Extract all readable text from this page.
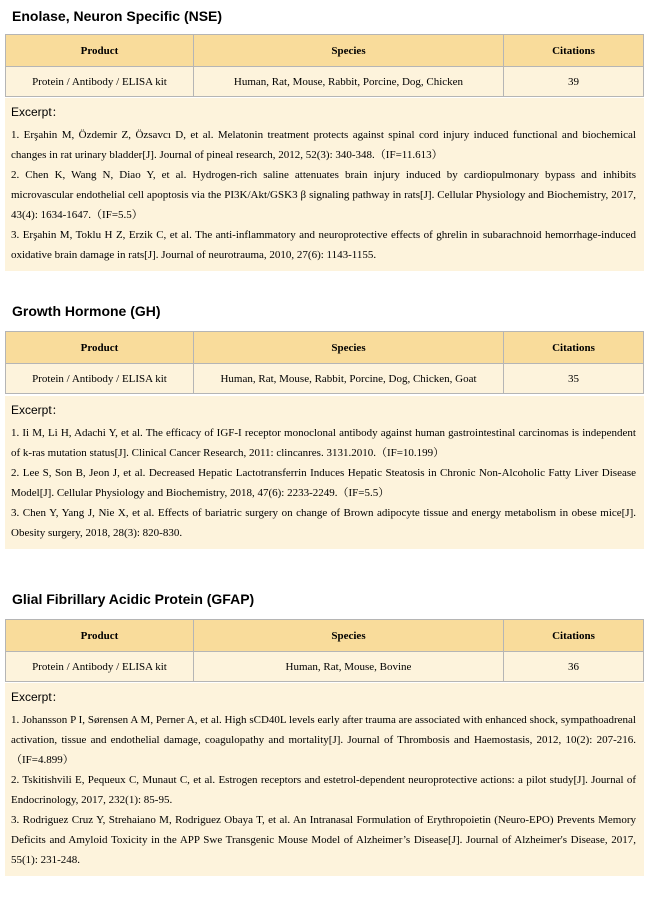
Enolase, Neuron Specific (NSE)
Product	Species	Citations
Protein / Antibody / ELISA kit	Human, Rat, Mouse, Rabbit, Porcine, Dog, Chicken	39
Excerpt：
1. Erşahin M, Özdemir Z, Özsavcı D, et al. Melatonin treatment protects against spinal cord injury induced functional and biochemical changes in rat urinary bladder[J]. Journal of pineal research, 2012, 52(3): 340-348.（IF=11.613）
2. Chen K, Wang N, Diao Y, et al. Hydrogen-rich saline attenuates brain injury induced by cardiopulmonary bypass and inhibits microvascular endothelial cell apoptosis via the PI3K/Akt/GSK3 β signaling pathway in rats[J]. Cellular Physiology and Biochemistry, 2017, 43(4): 1634-1647.（IF=5.5）
3. Erşahin M, Toklu H Z, Erzik C, et al. The anti-inflammatory and neuroprotective effects of ghrelin in subarachnoid hemorrhage-induced oxidative brain damage in rats[J]. Journal of neurotrauma, 2010, 27(6): 1143-1155.
Growth Hormone (GH)
Product	Species	Citations
Protein / Antibody / ELISA kit	Human, Rat, Mouse, Rabbit, Porcine, Dog, Chicken, Goat	35
Excerpt：
1. Ii M, Li H, Adachi Y, et al. The efficacy of IGF-I receptor monoclonal antibody against human gastrointestinal carcinomas is independent of k-ras mutation status[J]. Clinical Cancer Research, 2011: clincanres. 3131.2010.（IF=10.199）
2. Lee S, Son B, Jeon J, et al. Decreased Hepatic Lactotransferrin Induces Hepatic Steatosis in Chronic Non-Alcoholic Fatty Liver Disease Model[J]. Cellular Physiology and Biochemistry, 2018, 47(6): 2233-2249.（IF=5.5）
3. Chen Y, Yang J, Nie X, et al. Effects of bariatric surgery on change of Brown adipocyte tissue and energy metabolism in obese mice[J]. Obesity surgery, 2018, 28(3): 820-830.
Glial Fibrillary Acidic Protein (GFAP)
Product	Species	Citations
Protein / Antibody / ELISA kit	Human, Rat, Mouse, Bovine	36
Excerpt：
1. Johansson P I, Sørensen A M, Perner A, et al. High sCD40L levels early after trauma are associated with enhanced shock, sympathoadrenal activation, tissue and endothelial damage, coagulopathy and mortality[J]. Journal of Thrombosis and Haemostasis, 2012, 10(2): 207-216.（IF=4.899）
2. Tskitishvili E, Pequeux C, Munaut C, et al. Estrogen receptors and estetrol-dependent neuroprotective actions: a pilot study[J]. Journal of Endocrinology, 2017, 232(1): 85-95.
3. Rodriguez Cruz Y, Strehaiano M, Rodriguez Obaya T, et al. An Intranasal Formulation of Erythropoietin (Neuro-EPO) Prevents Memory Deficits and Amyloid Toxicity in the APP Swe Transgenic Mouse Model of Alzheimer’s Disease[J]. Journal of Alzheimer's Disease, 2017, 55(1): 231-248.
